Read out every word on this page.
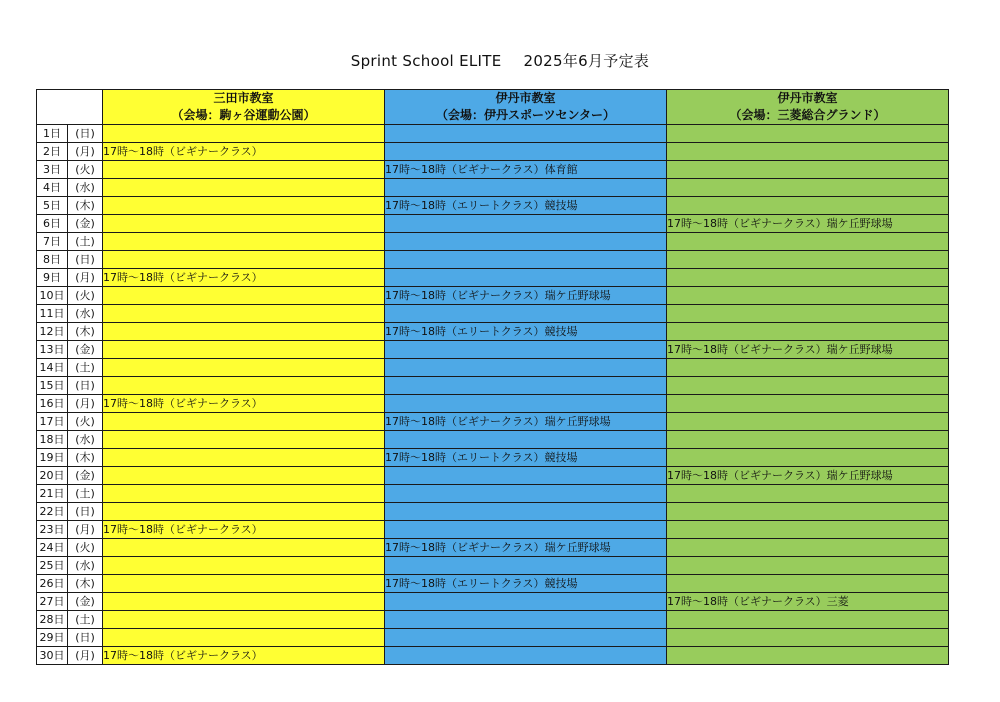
Sprint School ELITE 2025年6月予定表
		三田市教室	伊丹市教室	伊丹市教室
		（会場：駒ヶ谷運動公園）	（会場：伊丹スポーツセンター）	（会場：三菱総合グランド）
1日	(日)			
2日	(月)	17時～18時（ビギナークラス）		
3日	(火)		17時～18時（ビギナークラス）体育館	
4日	(水)			
5日	(木)		17時～18時（エリートクラス）競技場	
6日	(金)			17時～18時（ビギナークラス）瑞ケ丘野球場
7日	(土)			
8日	(日)			
9日	(月)	17時～18時（ビギナークラス）		
10日	(火)		17時～18時（ビギナークラス）瑞ケ丘野球場	
11日	(水)			
12日	(木)		17時～18時（エリートクラス）競技場	
13日	(金)			17時～18時（ビギナークラス）瑞ケ丘野球場
14日	(土)			
15日	(日)			
16日	(月)	17時～18時（ビギナークラス）		
17日	(火)		17時～18時（ビギナークラス）瑞ケ丘野球場	
18日	(水)			
19日	(木)		17時～18時（エリートクラス）競技場	
20日	(金)			17時～18時（ビギナークラス）瑞ケ丘野球場
21日	(土)			
22日	(日)			
23日	(月)	17時～18時（ビギナークラス）		
24日	(火)		17時～18時（ビギナークラス）瑞ケ丘野球場	
25日	(水)			
26日	(木)		17時～18時（エリートクラス）競技場	
27日	(金)			17時～18時（ビギナークラス）三菱
28日	(土)			
29日	(日)			
30日	(月)	17時～18時（ビギナークラス）		
